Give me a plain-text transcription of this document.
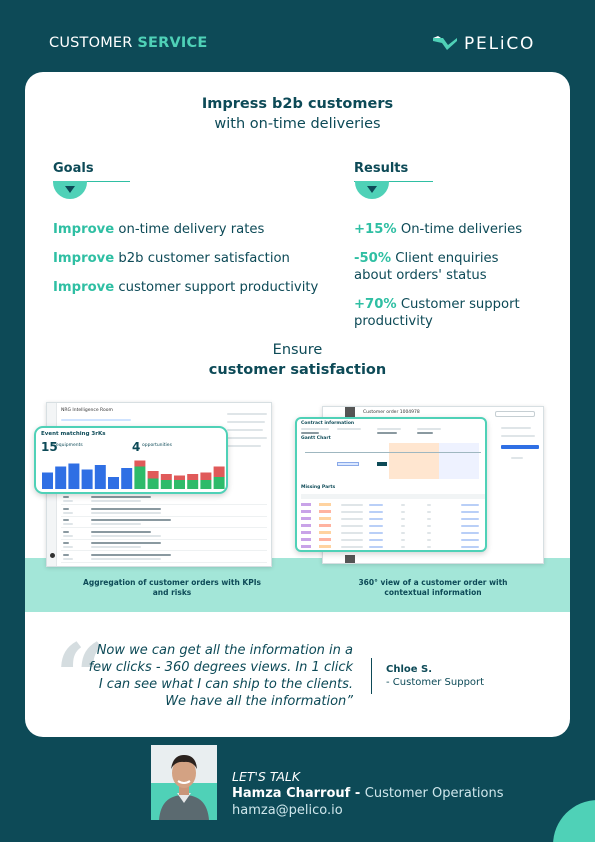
CUSTOMER SERVICE	PELiCO
Impress b2b customers
with on-time deliveries
Goals
Improve on-time delivery rates
Improve b2b customer satisfaction
Improve customer support productivity
Results
+15% On-time deliveries
-50% Client enquiries about orders' status
+70% Customer support productivity
Ensure
customer satisfaction
NRG Intelligence Room
Event matching 3rKs
15
equipments	4 opportunities
Aggregation of customer orders with KPIs and risks
Customer order 1004978
Contract information
Gantt Chart
Missing Parts
360° view of a customer order with contextual information
“
Now we can get all the information in a few clicks - 360 degrees views. In 1 click I can see what I can ship to the clients. We have all the information”
Chloe S.
- Customer Support
LET'S TALK
Hamza Charrouf - Customer Operations
hamza@pelico.io
